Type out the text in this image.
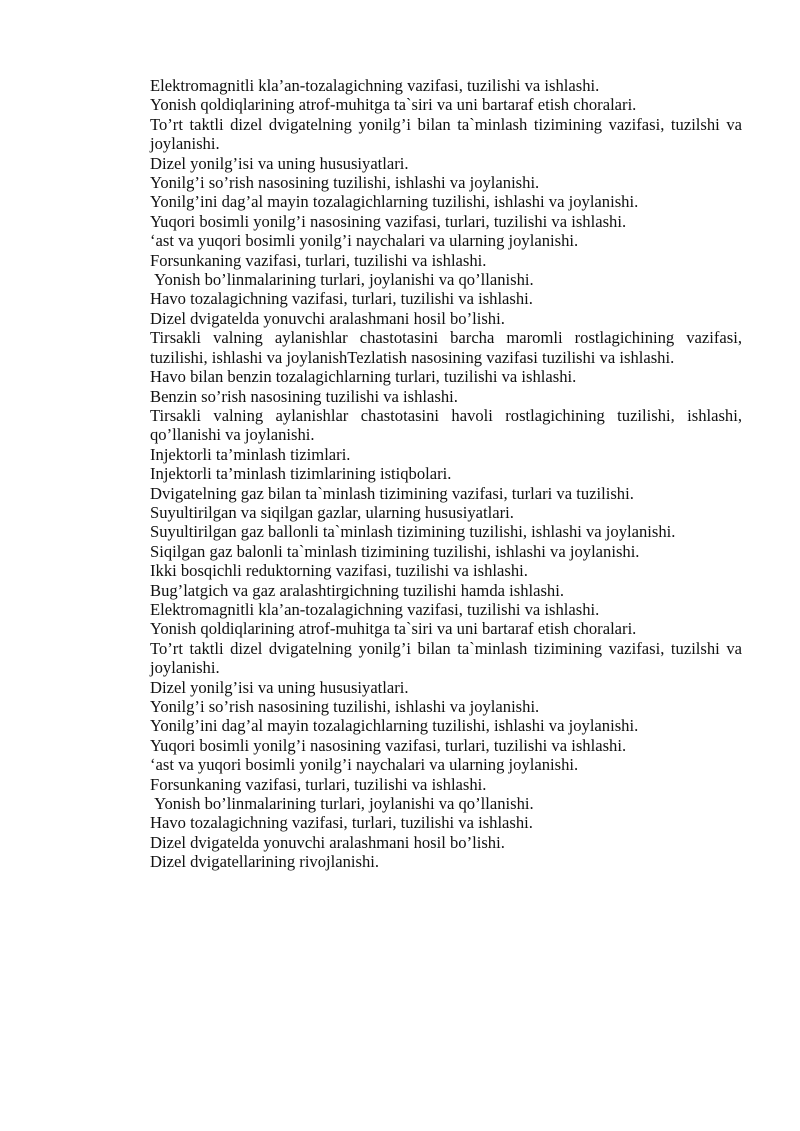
Elektromagnitli kla’an-tozalagichning vazifasi, tuzilishi va ishlashi.

Yonish qoldiqlarining atrof-muhitga ta`siri va uni bartaraf etish choralari.

To’rt taktli dizel dvigatelning yonilg’i bilan ta`minlash tizimining vazifasi, tuzilshi va joylanishi.

Dizel yonilg’isi va uning hususiyatlari.

Yonilg’i so’rish nasosining tuzilishi, ishlashi va joylanishi.

Yonilg’ini dag’al mayin tozalagichlarning tuzilishi, ishlashi va joylanishi.

Yuqori bosimli yonilg’i nasosining vazifasi, turlari, tuzilishi va ishlashi.

‘ast va yuqori bosimli yonilg’i naychalari va ularning joylanishi.

Forsunkaning vazifasi, turlari, tuzilishi va ishlashi.

Yonish bo’linmalarining turlari, joylanishi va qo’llanishi.

Havo tozalagichning vazifasi, turlari, tuzilishi va ishlashi.

Dizel dvigatelda yonuvchi aralashmani hosil bo’lishi.

Tirsakli valning aylanishlar chastotasini barcha maromli rostlagichining vazifasi, tuzilishi, ishlashi va joylanishTezlatish nasosining vazifasi tuzilishi va ishlashi.

Havo bilan benzin tozalagichlarning turlari, tuzilishi va ishlashi.

Benzin so’rish nasosining tuzilishi va ishlashi.

Tirsakli valning aylanishlar chastotasini havoli rostlagichining tuzilishi, ishlashi, qo’llanishi va joylanishi.

Injektorli ta’minlash tizimlari.

Injektorli ta’minlash tizimlarining istiqbolari.

Dvigatelning gaz bilan ta`minlash tizimining vazifasi, turlari va tuzilishi.

Suyultirilgan va siqilgan gazlar, ularning hususiyatlari.

Suyultirilgan gaz ballonli ta`minlash tizimining tuzilishi, ishlashi va joylanishi.

Siqilgan gaz balonli ta`minlash tizimining tuzilishi, ishlashi va joylanishi.

Ikki bosqichli reduktorning vazifasi, tuzilishi va ishlashi.

Bug’latgich va gaz aralashtirgichning tuzilishi hamda ishlashi.

Elektromagnitli kla’an-tozalagichning vazifasi, tuzilishi va ishlashi.

Yonish qoldiqlarining atrof-muhitga ta`siri va uni bartaraf etish choralari.

To’rt taktli dizel dvigatelning yonilg’i bilan ta`minlash tizimining vazifasi, tuzilshi va joylanishi.

Dizel yonilg’isi va uning hususiyatlari.

Yonilg’i so’rish nasosining tuzilishi, ishlashi va joylanishi.

Yonilg’ini dag’al mayin tozalagichlarning tuzilishi, ishlashi va joylanishi.

Yuqori bosimli yonilg’i nasosining vazifasi, turlari, tuzilishi va ishlashi.

‘ast va yuqori bosimli yonilg’i naychalari va ularning joylanishi.

Forsunkaning vazifasi, turlari, tuzilishi va ishlashi.

Yonish bo’linmalarining turlari, joylanishi va qo’llanishi.

Havo tozalagichning vazifasi, turlari, tuzilishi va ishlashi.

Dizel dvigatelda yonuvchi aralashmani hosil bo’lishi.

Dizel dvigatellarining rivojlanishi.
